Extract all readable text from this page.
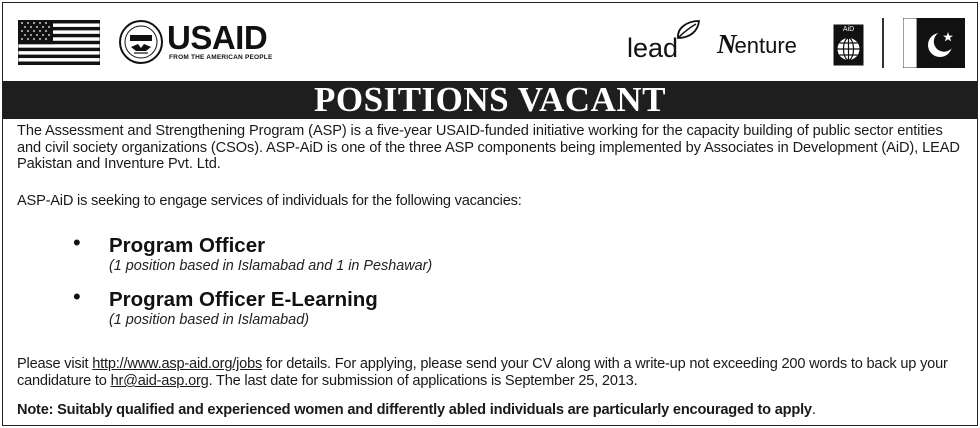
USAID
FROM THE AMERICAN PEOPLE	lead Nenture
AiD
POSITIONS VACANT

The Assessment and Strengthening Program (ASP) is a five-year USAID-funded initiative working for the capacity building of public sector entities and civil society organizations (CSOs). ASP-AiD is one of the three ASP components being implemented by Associates in Development (AiD), LEAD Pakistan and Inventure Pvt. Ltd.

ASP-AiD is seeking to engage services of individuals for the following vacancies:

• Program Officer
(1 position based in Islamabad and 1 in Peshawar)
• Program Officer E-Learning
(1 position based in Islamabad)

Please visit http://www.asp-aid.org/jobs for details. For applying, please send your CV along with a write-up not exceeding 200 words to back up your candidature to hr@aid-asp.org. The last date for submission of applications is September 25, 2013.

Note: Suitably qualified and experienced women and differently abled individuals are particularly encouraged to apply.
